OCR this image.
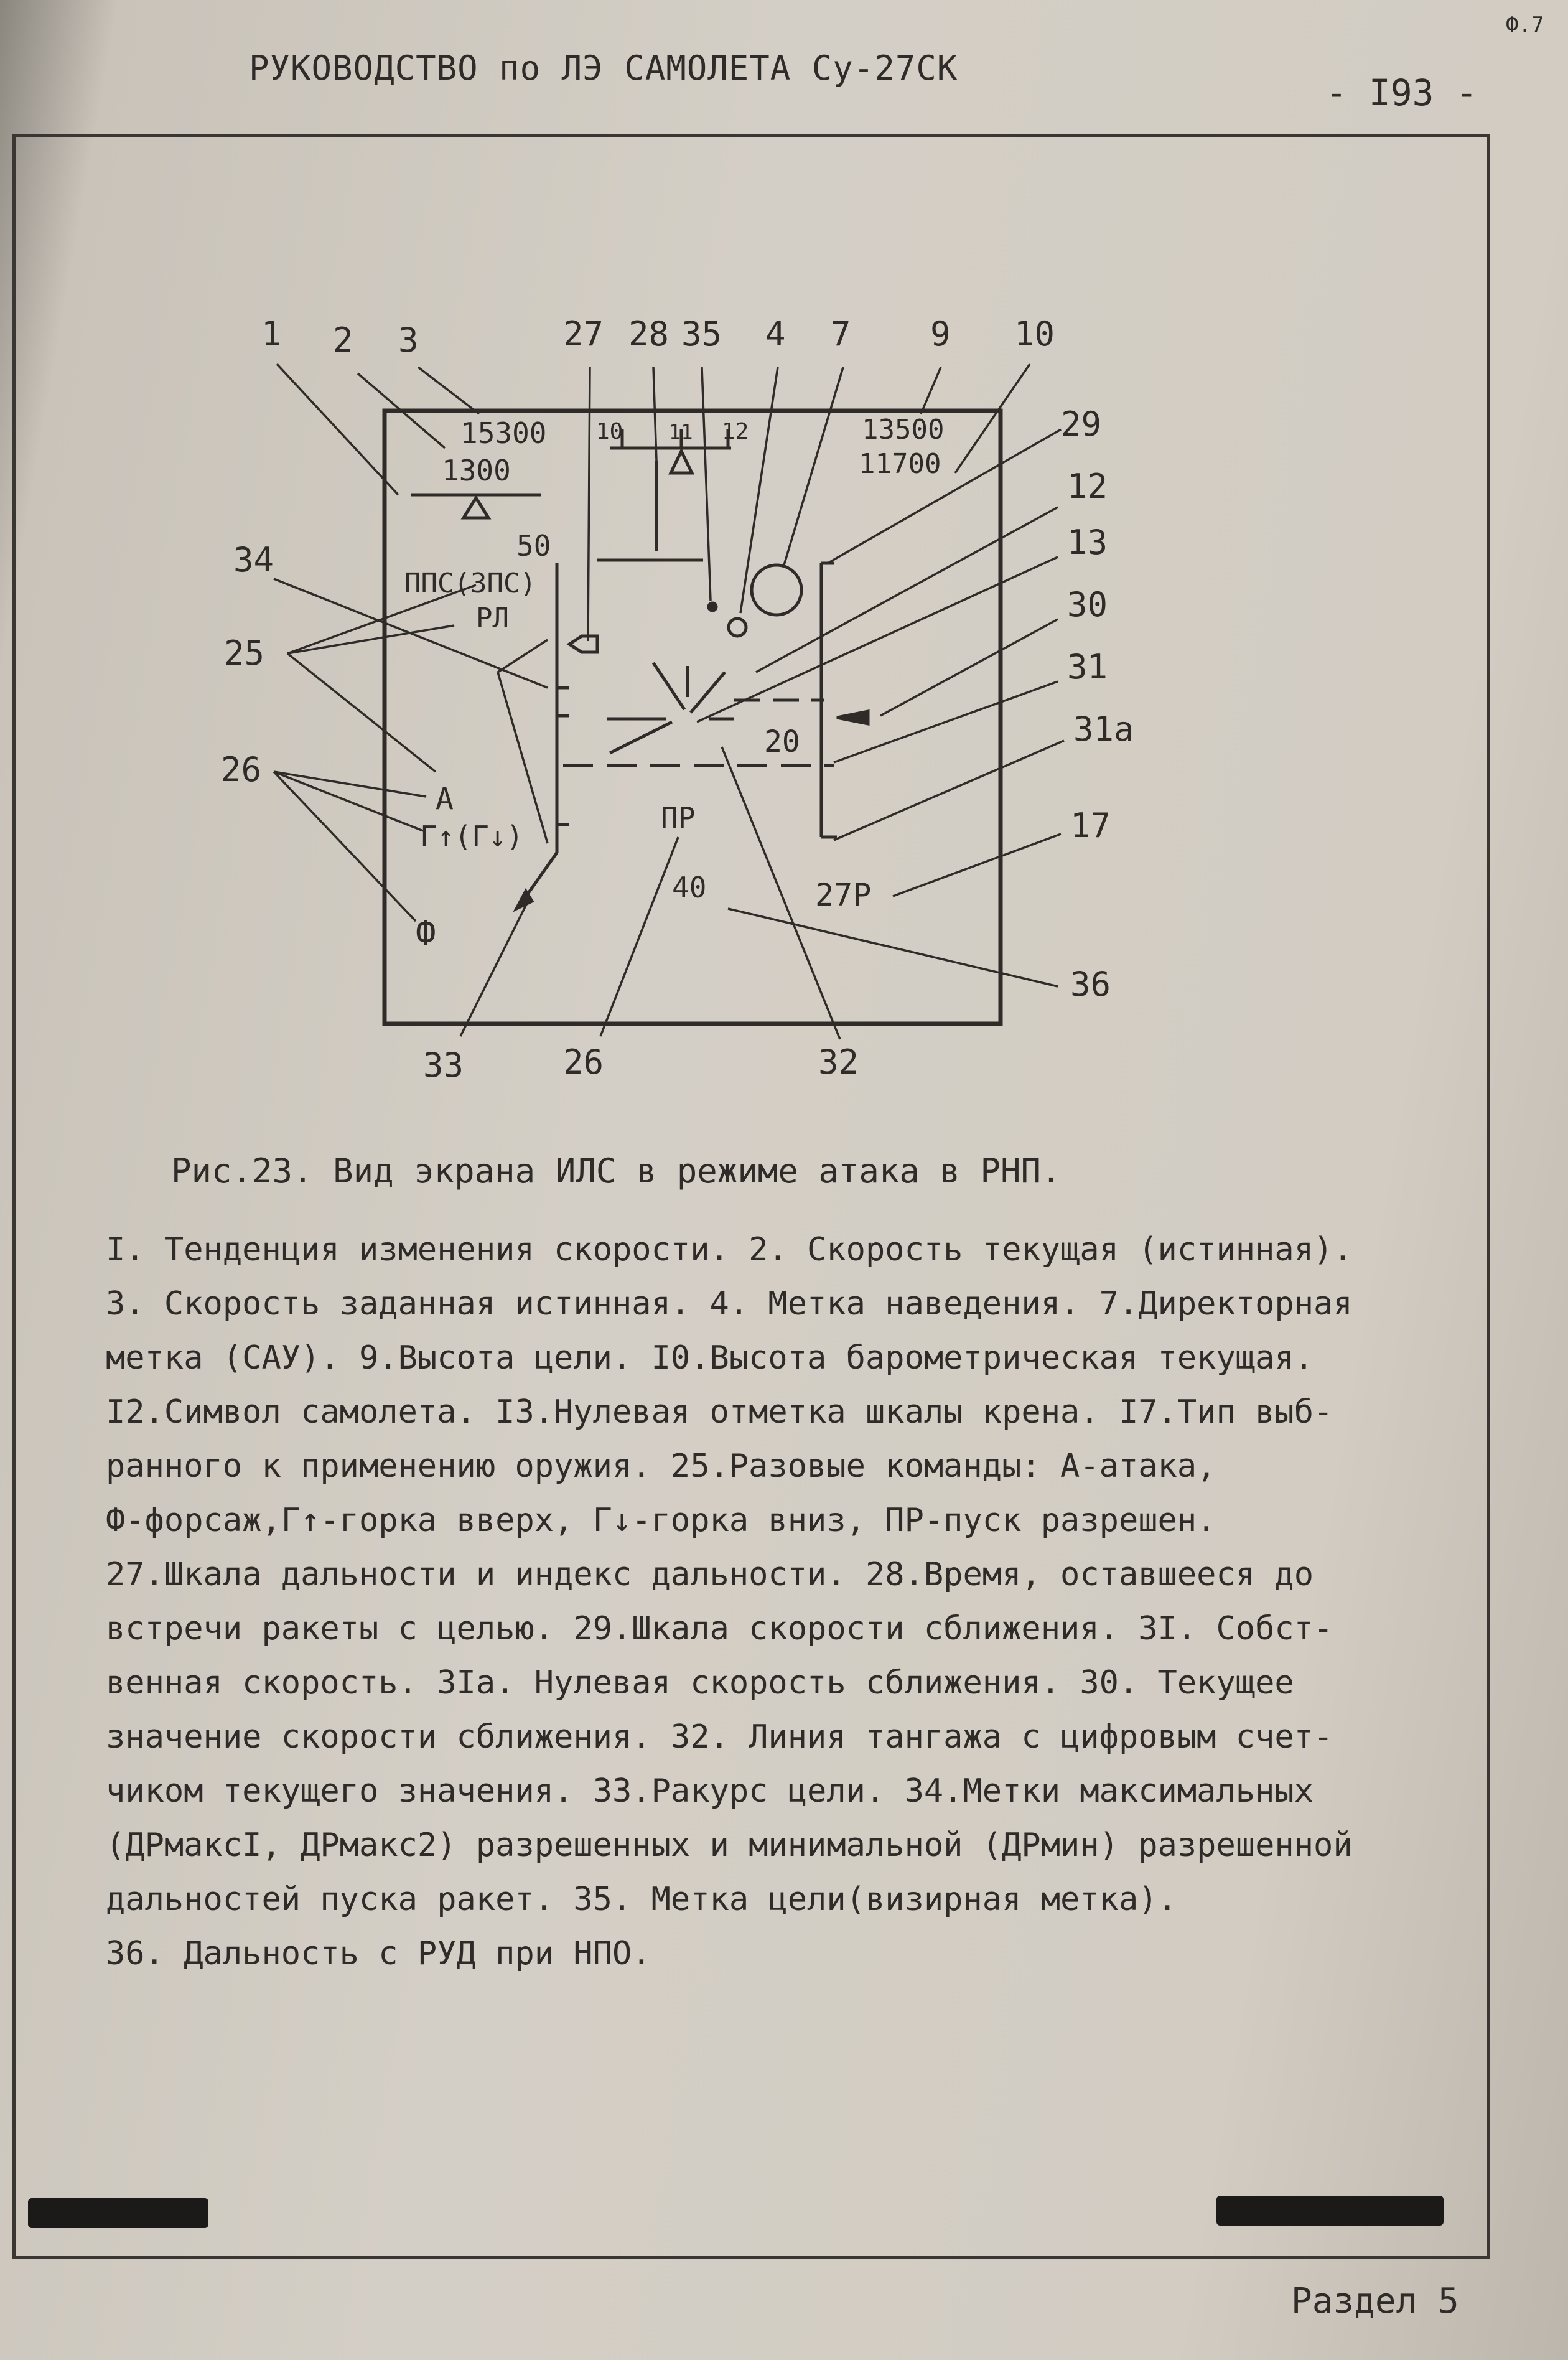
РУКОВОДСТВО по ЛЭ САМОЛЕТА Су-27СК
- I93 -
Ф.7
1 2 3	27 28 35 4 7 9 10
29
12
13
30
31
31а
17
36
32
26
33
26
25
34
15300
1300
10 11 12	13500
11700
50
ППС(ЗПС)
РЛ
А
Г↑(Г↓)
Ф
20
ПР
40	27Р
Рис.23. Вид экрана ИЛС в режиме атака в РНП.
I. Тенденция изменения скорости. 2. Скорость текущая (истинная).
3. Скорость заданная истинная. 4. Метка наведения. 7.Директорная
метка (САУ). 9.Высота цели. I0.Высота барометрическая текущая.
I2.Символ самолета. I3.Нулевая отметка шкалы крена. I7.Тип выб-
ранного к применению оружия. 25.Разовые команды: А-атака,
Ф-форсаж,Г↑-горка вверх, Г↓-горка вниз, ПР-пуск разрешен.
27.Шкала дальности и индекс дальности. 28.Время, оставшееся до
встречи ракеты с целью. 29.Шкала скорости сближения. 3I. Собст-
венная скорость. 3Iа. Нулевая скорость сближения. 30. Текущее
значение скорости сближения. 32. Линия тангажа с цифровым счет-
чиком текущего значения. 33.Ракурс цели. 34.Метки максимальных
(ДРмаксI, ДРмакс2) разрешенных и минимальной (ДРмин) разрешенной
дальностей пуска ракет. 35. Метка цели(визирная метка).
36. Дальность с РУД при НПО.
Раздел 5
